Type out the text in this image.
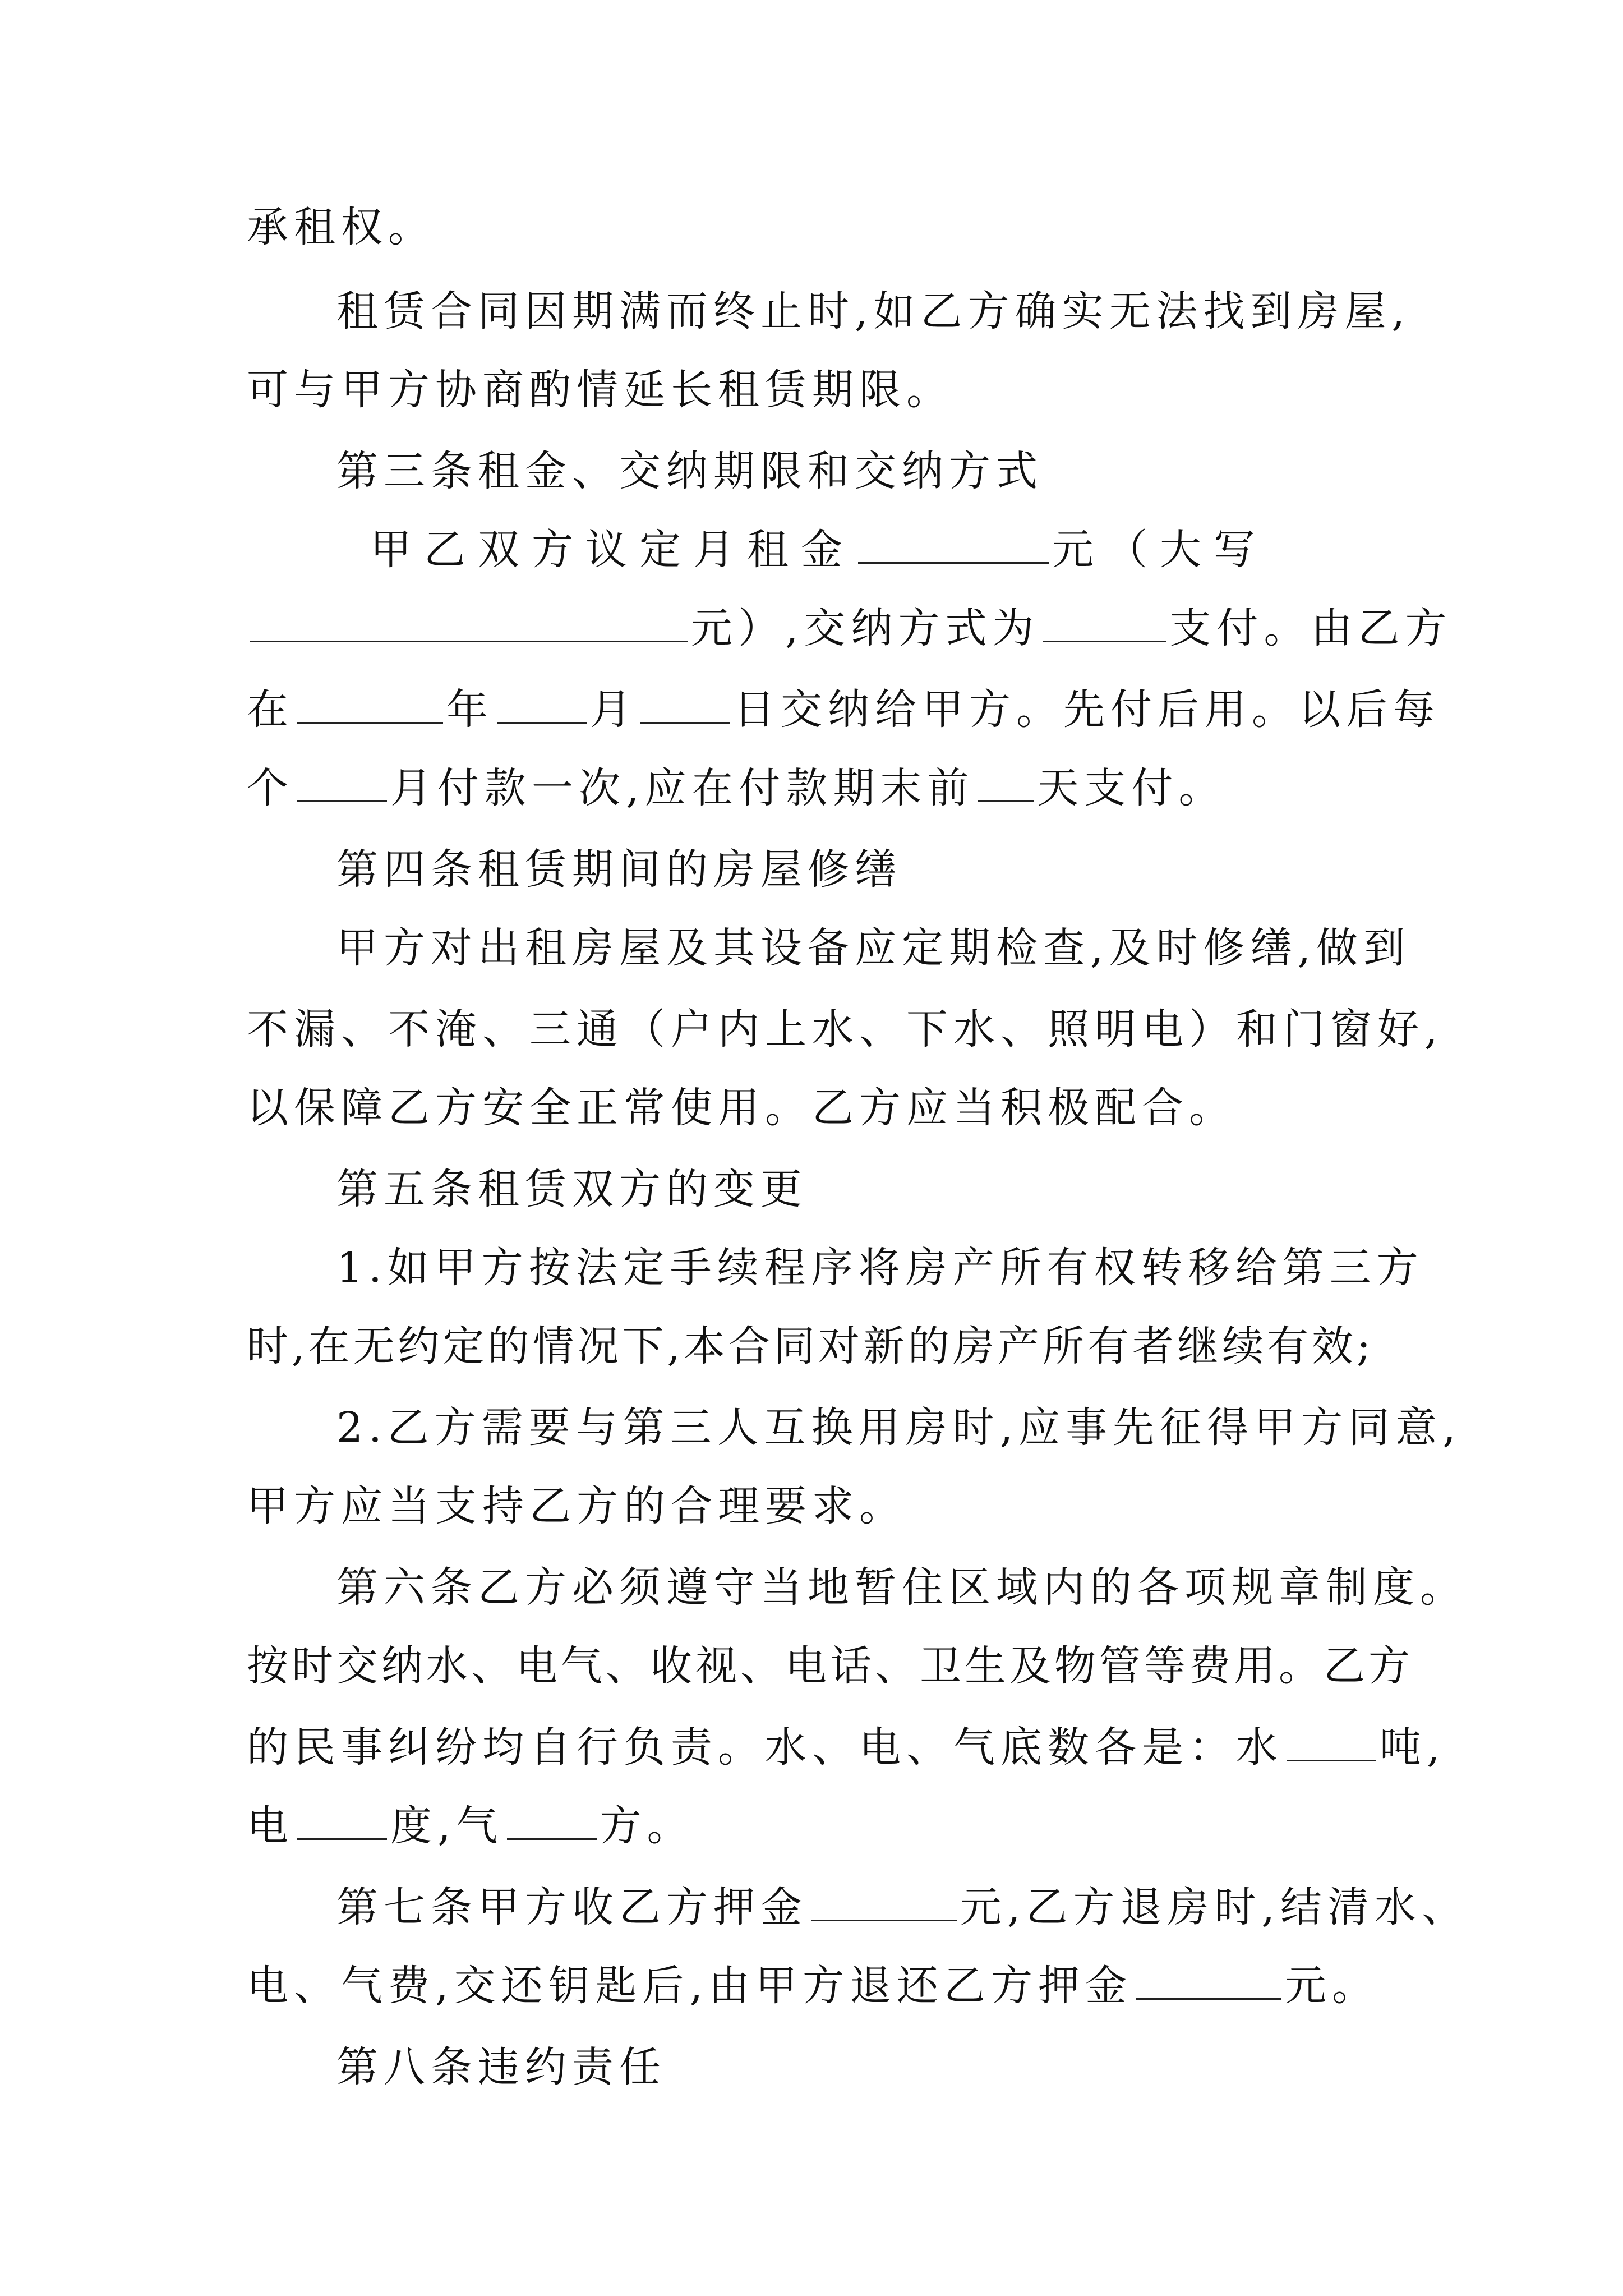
承租权。
租赁合同因期满而终止时,如乙方确实无法找到房屋,
可与甲方协商酌情延长租赁期限。
第三条租金、交纳期限和交纳方式
甲乙双方议定月租金	元（大写
元）,交纳方式为	支付。由乙方
在	年 月 日交纳给甲方。先付后用。以后每
个 月付款一次,应在付款期末前 天支付。
第四条租赁期间的房屋修缮
甲方对出租房屋及其设备应定期检查,及时修缮,做到
不漏、不淹、三通（户内上水、下水、照明电）和门窗好,
以保障乙方安全正常使用。乙方应当积极配合。
第五条租赁双方的变更
1.如甲方按法定手续程序将房产所有权转移给第三方
时,在无约定的情况下,本合同对新的房产所有者继续有效;
2.乙方需要与第三人互换用房时,应事先征得甲方同意,
甲方应当支持乙方的合理要求。
第六条乙方必须遵守当地暂住区域内的各项规章制度。
按时交纳水、电气、收视、电话、卫生及物管等费用。乙方
的民事纠纷均自行负责。水、电、气底数各是：水 吨,
电 度,气 方。
第七条甲方收乙方押金	元,乙方退房时,结清水、
电、气费,交还钥匙后,由甲方退还乙方押金	元。
第八条违约责任
